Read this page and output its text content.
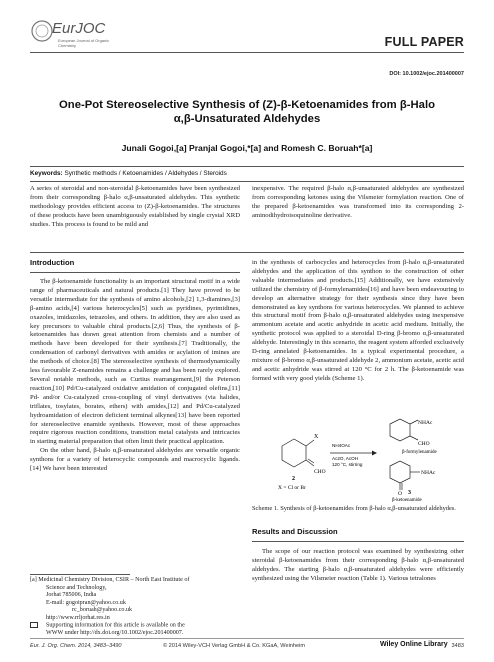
EurJOC
European Journal of Organic Chemistry	FULL PAPER
DOI: 10.1002/ejoc.201400007
One-Pot Stereoselective Synthesis of (Z)-β-Ketoenamides from β-Halo
α,β-Unsaturated Aldehydes
Junali Gogoi,[a] Pranjal Gogoi,*[a] and Romesh C. Boruah*[a]
Keywords: Synthetic methods / Ketoenamides / Aldehydes / Steroids
A series of steroidal and non-steroidal β-ketoenamides have been synthesized from their corresponding β-halo α,β-unsaturated aldehydes. This synthetic methodology provides efficient access to (Z)-β-ketoenamides. The structures of these products have been unambiguously established by single crystal XRD studies. This process is found to be mild and
inexpensive. The required β-halo α,β-unsaturated aldehydes are synthesized from corresponding ketones using the Vilsmeier formylation reaction. One of the prepared β-ketoenamides was transformed into its corresponding 2-aminodihydroisoquinoline derivative.
Introduction

The β-ketoenamide functionality is an important structural motif in a wide range of pharmaceuticals and natural products.[1] They have proved to be versatile intermediate for the synthesis of amino alcohols,[2] 1,3-diamines,[3] β-amino acids,[4] various heterocycles[5] such as pyridines, pyrimidines, oxazoles, imidazoles, tetrazoles, and others. In addition, they are also used as key precursors to valuable chiral products.[2,6] Thus, the synthesis of β-ketoenamides has drawn great attention from chemists and a number of methods have been developed for their synthesis.[7] Traditionally, the condensation of carbonyl derivatives with amides or acylation of imines are the methods of choice.[8] The stereoselective synthesis of thermodynamically less favourable Z-enamides remains a challenge and has been rarely explored. Several notable methods, such as Curtius rearrangement,[9] the Peterson reaction,[10] Pd/Cu-catalyzed oxidative amidation of conjugated olefins,[11] Pd- and/or Cu-catalyzed cross-coupling of vinyl derivatives (via halides, triflates, tosylates, borates, ethers) with amides,[12] and Pd/Cu-catalyzed hydroamidation of electron deficient terminal alkynes[13] have been reported for stereoselective enamide synthesis. However, most of these approaches require rigorous reaction conditions, transition metal catalysts and intricacies in starting material preparation that often limit their practical application.

On the other hand, β-halo α,β-unsaturated aldehydes are versatile organic synthons for a variety of heterocyclic compounds and macrocyclic ligands.[14] We have been interested

in the synthesis of carbocycles and heterocycles from β-halo α,β-unsaturated aldehydes and the application of this synthon to the construction of other valuable intermediates and products.[15] Additionally, we have extensively utilized the chemistry of β-formylenamides[16] and have been endeavouring to develop an alternative strategy for their synthesis since they have been demonstrated as key synthons for various heterocycles. We planned to achieve this structural motif from β-halo α,β-unsaturated aldehydes using inexpensive ammonium acetate and acetic anhydride in acetic acid medium. Initially, the synthetic protocol was applied to a steroidal D-ring β-bromo α,β-unsaturated aldehyde. Interestingly in this scenario, the reagent system afforded exclusively D-ring annelated β-ketoenamides. In a typical experimental procedure, a mixture of β-bromo α,β-unsaturated aldehyde 2, ammonium acetate, acetic acid and acetic anhydride was stirred at 120 °C for 2 h. The β-ketoenamide was formed with very good yields (Scheme 1).
X
CHO
2
X = Cl or Br
NH4OAc
Ac2O, AcOH
120 °C, stirring
NHAc
CHO
β-formylenamide
NHAc
O 3
β-ketoenamide
Scheme 1. Synthesis of β-ketoenamides from β-halo α,β-unsaturated aldehydes.
Results and Discussion

The scope of our reaction protocol was examined by synthesizing other steroidal β-ketoenamides from their corresponding β-halo α,β-unsaturated aldehydes. The starting β-halo α,β-unsaturated aldehydes were efficiently synthesized using the Vilsmeier reaction (Table 1). Various tetralones

[a] Medicinal Chemistry Division, CSIR – North East Institute of
Science and Technology,
Jorhat 785006, India
E-mail: gogoipran@yahoo.co.uk
rc_boruah@yahoo.co.uk
http://www.rrljorhat.res.in
Supporting information for this article is available on the
WWW under http://dx.doi.org/10.1002/ejoc.201400007.
Eur. J. Org. Chem. 2014, 3483–3490	© 2014 Wiley-VCH Verlag GmbH & Co. KGaA, Weinheim	Wiley Online Library 3483
